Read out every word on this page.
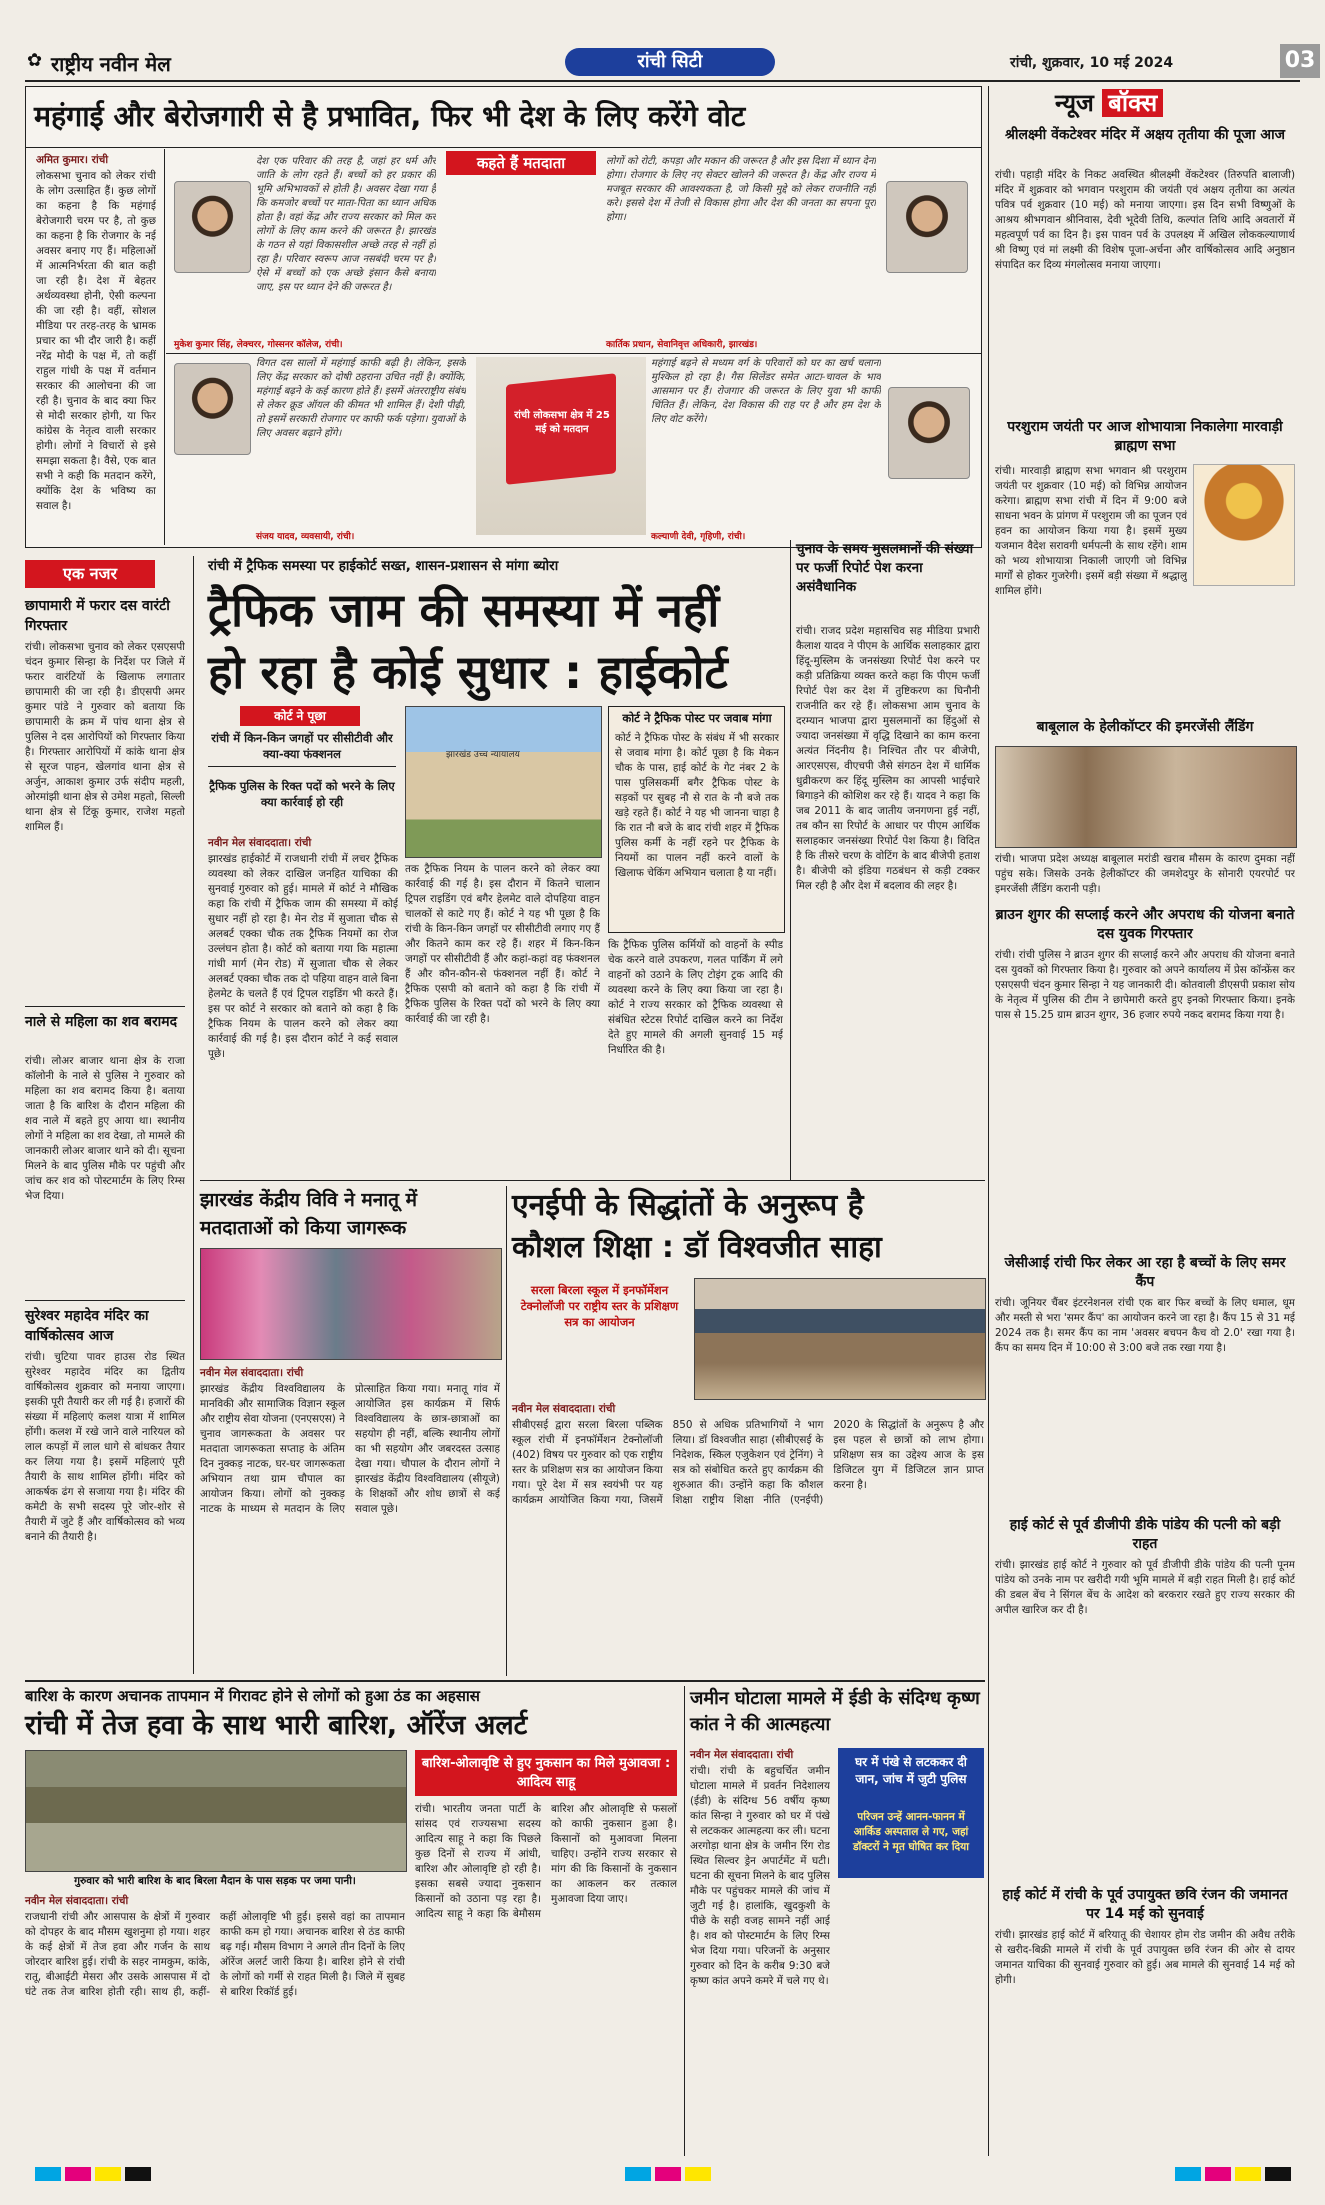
✿ राष्ट्रीय नवीन मेल	रांची सिटी	रांची, शुक्रवार, 10 मई 2024	03
महंगाई और बेरोजगारी से है प्रभावित, फिर भी देश के लिए करेंगे वोट
अमित कुमार। रांची
लोकसभा चुनाव को लेकर रांची के लोग उत्साहित हैं। कुछ लोगों का कहना है कि महंगाई बेरोजगारी चरम पर है, तो कुछ का कहना है कि रोजगार के नई अवसर बनाए गए हैं। महिलाओं में आत्मनिर्भरता की बात कही जा रही है। देश में बेहतर अर्थव्यवस्था होनी, ऐसी कल्पना की जा रही है। वहीं, सोशल मीडिया पर तरह-तरह के भ्रामक प्रचार का भी दौर जारी है। कहीं नरेंद्र मोदी के पक्ष में, तो कहीं राहुल गांधी के पक्ष में वर्तमान सरकार की आलोचना की जा रही है। चुनाव के बाद क्या फिर से मोदी सरकार होगी, या फिर कांग्रेस के नेतृत्व वाली सरकार होगी। लोगों ने विचारों से इसे समझा सकता है। वैसे, एक बात सभी ने कही कि मतदान करेंगे, क्योंकि देश के भविष्य का सवाल है।
कहते हैं मतदाता
देश एक परिवार की तरह है, जहां हर धर्म और जाति के लोग रहते हैं। बच्चों को हर प्रकार की भूमि अभिभावकों से होती है। अवसर देखा गया है कि कमजोर बच्चों पर माता-पिता का ध्यान अधिक होता है। वहां केंद्र और राज्य सरकार को मिल कर लोगों के लिए काम करने की जरूरत है। झारखंड के गठन से यहां विकासशील अच्छे तरह से नहीं हो रहा है। परिवार स्वरूप आज नसबंदी चरम पर है। ऐसे में बच्चों को एक अच्छे इंसान कैसे बनाया जाए, इस पर ध्यान देने की जरूरत है।
मुकेश कुमार सिंह, लेक्चरर, गोस्सनर कॉलेज, रांची।
लोगों को रोटी, कपड़ा और मकान की जरूरत है और इस दिशा में ध्यान देना होगा। रोजगार के लिए नए सेक्टर खोलने की जरूरत है। केंद्र और राज्य में मजबूत सरकार की आवश्यकता है, जो किसी मुद्दे को लेकर राजनीति नहीं करे। इससे देश में तेजी से विकास होगा और देश की जनता का सपना पूरा होगा।
कार्तिक प्रधान, सेवानिवृत्त अधिकारी, झारखंड।
विगत दस सालों में महंगाई काफी बढ़ी है। लेकिन, इसके लिए केंद्र सरकार को दोषी ठहराना उचित नहीं है। क्योंकि, महंगाई बढ़ने के कई कारण होते हैं। इसमें अंतरराष्ट्रीय संबंध से लेकर क्रूड ऑयल की कीमत भी शामिल हैं। देशी पीढ़ी, तो इसमें सरकारी रोजगार पर काफी फर्क पड़ेगा। युवाओं के लिए अवसर बढ़ाने होंगे।
संजय यादव, व्यवसायी, रांची।
रांची लोकसभा क्षेत्र में 25 मई को मतदान
महंगाई बढ़ने से मध्यम वर्ग के परिवारों को घर का खर्च चलाना मुश्किल हो रहा है। गैस सिलेंडर समेत आटा-चावल के भाव आसमान पर हैं। रोजगार की जरूरत के लिए युवा भी काफी चिंतित हैं। लेकिन, देश विकास की राह पर है और हम देश के लिए वोट करेंगे।
कल्याणी देवी, गृहिणी, रांची।
एक नजर
छापामारी में फरार दस वारंटी गिरफ्तार
रांची। लोकसभा चुनाव को लेकर एसएसपी चंदन कुमार सिन्हा के निर्देश पर जिले में फरार वारंटियों के खिलाफ लगातार छापामारी की जा रही है। डीएसपी अमर कुमार पांडे ने गुरुवार को बताया कि छापामारी के क्रम में पांच थाना क्षेत्र से पुलिस ने दस आरोपियों को गिरफ्तार किया है। गिरफ्तार आरोपियों में कांके थाना क्षेत्र से सूरज पाहन, खेलगांव थाना क्षेत्र से अर्जुन, आकाश कुमार उर्फ संदीप महली, ओरमांझी थाना क्षेत्र से उमेश महतो, सिल्ली थाना क्षेत्र से टिंकू कुमार, राजेश महतो शामिल हैं।
नाले से महिला का शव बरामद
रांची। लोअर बाजार थाना क्षेत्र के राजा कॉलोनी के नाले से पुलिस ने गुरुवार को महिला का शव बरामद किया है। बताया जाता है कि बारिश के दौरान महिला की शव नाले में बहते हुए आया था। स्थानीय लोगों ने महिला का शव देखा, तो मामले की जानकारी लोअर बाजार थाने को दी। सूचना मिलने के बाद पुलिस मौके पर पहुंची और जांच कर शव को पोस्टमार्टम के लिए रिम्स भेज दिया।
सुरेश्वर महादेव मंदिर का वार्षिकोत्सव आज
रांची। चुटिया पावर हाउस रोड स्थित सुरेश्वर महादेव मंदिर का द्वितीय वार्षिकोत्सव शुक्रवार को मनाया जाएगा। इसकी पूरी तैयारी कर ली गई है। हजारों की संख्या में महिलाएं कलश यात्रा में शामिल होंगी। कलश में रखे जाने वाले नारियल को लाल कपड़ों में लाल धागे से बांधकर तैयार कर लिया गया है। इसमें महिलाएं पूरी तैयारी के साथ शामिल होंगी। मंदिर को आकर्षक ढंग से सजाया गया है। मंदिर की कमेटी के सभी सदस्य पूरे जोर-शोर से तैयारी में जुटे हैं और वार्षिकोत्सव को भव्य बनाने की तैयारी है।
रांची में ट्रैफिक समस्या पर हाईकोर्ट सख्त, शासन-प्रशासन से मांगा ब्योरा
ट्रैफिक जाम की समस्या में नहीं
हो रहा है कोई सुधार : हाईकोर्ट
कोर्ट ने पूछा
रांची में किन-किन जगहों पर सीसीटीवी और क्या-क्या फंक्शनल
ट्रैफिक पुलिस के रिक्त पदों को भरने के लिए क्या कार्रवाई हो रही
झारखंड उच्च न्यायालय
नवीन मेल संवाददाता। रांची
झारखंड हाईकोर्ट में राजधानी रांची में लचर ट्रैफिक व्यवस्था को लेकर दाखिल जनहित याचिका की सुनवाई गुरुवार को हुई। मामले में कोर्ट ने मौखिक कहा कि रांची में ट्रैफिक जाम की समस्या में कोई सुधार नहीं हो रहा है। मेन रोड में सुजाता चौक से अलबर्ट एक्का चौक तक ट्रैफिक नियमों का रोज उल्लंघन होता है। कोर्ट को बताया गया कि महात्मा गांधी मार्ग (मेन रोड) में सुजाता चौक से लेकर अलबर्ट एक्का चौक तक दो पहिया वाहन वाले बिना हेलमेट के चलते हैं एवं ट्रिपल राइडिंग भी करते हैं। इस पर कोर्ट ने सरकार को बताने को कहा है कि ट्रैफिक नियम के पालन करने को लेकर क्या कार्रवाई की गई है। इस दौरान कोर्ट ने कई सवाल पूछे।
तक ट्रैफिक नियम के पालन करने को लेकर क्या कार्रवाई की गई है। इस दौरान में कितने चालान ट्रिपल राइडिंग एवं बगैर हेलमेट वाले दोपहिया वाहन चालकों से काटे गए हैं। कोर्ट ने यह भी पूछा है कि रांची के किन-किन जगहों पर सीसीटीवी लगाए गए हैं और कितने काम कर रहे हैं। शहर में किन-किन जगहों पर सीसीटीवी हैं और कहां-कहां वह फंक्शनल हैं और कौन-कौन-से फंक्शनल नहीं हैं। कोर्ट ने ट्रैफिक एसपी को बताने को कहा है कि रांची में ट्रैफिक पुलिस के रिक्त पदों को भरने के लिए क्या कार्रवाई की जा रही है।
कोर्ट ने ट्रैफिक पोस्ट पर जवाब मांगा
कोर्ट ने ट्रैफिक पोस्ट के संबंध में भी सरकार से जवाब मांगा है। कोर्ट पूछा है कि मेकन चौक के पास, हाई कोर्ट के गेट नंबर 2 के पास पुलिसकर्मी बगैर ट्रैफिक पोस्ट के सड़कों पर सुबह नौ से रात के नौ बजे तक खड़े रहते हैं। कोर्ट ने यह भी जानना चाहा है कि रात नौ बजे के बाद रांची शहर में ट्रैफिक पुलिस कर्मी के नहीं रहने पर ट्रैफिक के नियमों का पालन नहीं करने वालों के खिलाफ चेकिंग अभियान चलाता है या नहीं।
कि ट्रैफिक पुलिस कर्मियों को वाहनों के स्पीड चेक करने वाले उपकरण, गलत पार्किंग में लगे वाहनों को उठाने के लिए टोइंग ट्रक आदि की व्यवस्था करने के लिए क्या किया जा रहा है। कोर्ट ने राज्य सरकार को ट्रैफिक व्यवस्था से संबंधित स्टेटस रिपोर्ट दाखिल करने का निर्देश देते हुए मामले की अगली सुनवाई 15 मई निर्धारित की है।
चुनाव के समय मुसलमानों की संख्या पर फर्जी रिपोर्ट पेश करना असंवैधानिक
रांची। राजद प्रदेश महासचिव सह मीडिया प्रभारी कैलाश यादव ने पीएम के आर्थिक सलाहकार द्वारा हिंदू-मुस्लिम के जनसंख्या रिपोर्ट पेश करने पर कड़ी प्रतिक्रिया व्यक्त करते कहा कि पीएम फर्जी रिपोर्ट पेश कर देश में तुष्टिकरण का घिनौनी राजनीति कर रहे हैं। लोकसभा आम चुनाव के दरम्यान भाजपा द्वारा मुसलमानों का हिंदुओं से ज्यादा जनसंख्या में वृद्धि दिखाने का काम करना अत्यंत निंदनीय है। निश्चित तौर पर बीजेपी, आरएसएस, वीएचपी जैसे संगठन देश में धार्मिक धुव्रीकरण कर हिंदू मुस्लिम का आपसी भाईचारे बिगाड़ने की कोशिश कर रहे हैं। यादव ने कहा कि जब 2011 के बाद जातीय जनगणना हुई नहीं, तब कौन सा रिपोर्ट के आधार पर पीएम आर्थिक सलाहकार जनसंख्या रिपोर्ट पेश किया है। विदित है कि तीसरे चरण के वोटिंग के बाद बीजेपी हताश है। बीजेपी को इंडिया गठबंधन से कड़ी टक्कर मिल रही है और देश में बदलाव की लहर है।
न्यूज बॉक्स
श्रीलक्ष्मी वेंकटेश्वर मंदिर में अक्षय तृतीया की पूजा आज
रांची। पहाड़ी मंदिर के निकट अवस्थित श्रीलक्ष्मी वेंकटेश्वर (तिरुपति बालाजी) मंदिर में शुक्रवार को भगवान परशुराम की जयंती एवं अक्षय तृतीया का अत्यंत पवित्र पर्व शुक्रवार (10 मई) को मनाया जाएगा। इस दिन सभी विष्णुओं के आश्रय श्रीभगवान श्रीनिवास, देवी भूदेवी तिथि, कल्पांत तिथि आदि अवतारों में महत्वपूर्ण पर्व का दिन है। इस पावन पर्व के उपलक्ष्य में अखिल लोककल्याणार्थ श्री विष्णु एवं मां लक्ष्मी की विशेष पूजा-अर्चना और वार्षिकोत्सव आदि अनुष्ठान संपादित कर दिव्य मंगलोत्सव मनाया जाएगा।
परशुराम जयंती पर आज शोभायात्रा निकालेगा मारवाड़ी ब्राह्मण सभा
रांची। मारवाड़ी ब्राह्मण सभा भगवान श्री परशुराम जयंती पर शुक्रवार (10 मई) को विभिन्न आयोजन करेगा। ब्राह्मण सभा रांची में दिन में 9:00 बजे साधना भवन के प्रांगण में परशुराम जी का पूजन एवं हवन का आयोजन किया गया है। इसमें मुख्य यजमान वैदेश सरावगी धर्मपत्नी के साथ रहेंगे। शाम को भव्य शोभायात्रा निकाली जाएगी जो विभिन्न मार्गों से होकर गुजरेगी। इसमें बड़ी संख्या में श्रद्धालु शामिल होंगे।
बाबूलाल के हेलीकॉप्टर की इमरजेंसी लैंडिंग
रांची। भाजपा प्रदेश अध्यक्ष बाबूलाल मरांडी खराब मौसम के कारण दुमका नहीं पहुंच सके। जिसके उनके हेलीकॉप्टर की जमशेदपुर के सोनारी एयरपोर्ट पर इमरजेंसी लैंडिंग करानी पड़ी।
ब्राउन शुगर की सप्लाई करने और अपराध की योजना बनाते दस युवक गिरफ्तार
रांची। रांची पुलिस ने ब्राउन शुगर की सप्लाई करने और अपराध की योजना बनाते दस युवकों को गिरफ्तार किया है। गुरुवार को अपने कार्यालय में प्रेस कॉन्फ्रेंस कर एसएसपी चंदन कुमार सिन्हा ने यह जानकारी दी। कोतवाली डीएसपी प्रकाश सोय के नेतृत्व में पुलिस की टीम ने छापेमारी करते हुए इनको गिरफ्तार किया। इनके पास से 15.25 ग्राम ब्राउन शुगर, 36 हजार रुपये नकद बरामद किया गया है।
जेसीआई रांची फिर लेकर आ रहा है बच्चों के लिए समर कैंप
रांची। जूनियर चैंबर इंटरनेशनल रांची एक बार फिर बच्चों के लिए धमाल, धूम और मस्ती से भरा 'समर कैंप' का आयोजन करने जा रहा है। कैंप 15 से 31 मई 2024 तक है। समर कैंप का नाम 'अवसर बचपन कैच वो 2.0' रखा गया है। कैंप का समय दिन में 10:00 से 3:00 बजे तक रखा गया है।
हाई कोर्ट से पूर्व डीजीपी डीके पांडेय की पत्नी को बड़ी राहत
रांची। झारखंड हाई कोर्ट ने गुरुवार को पूर्व डीजीपी डीके पांडेय की पत्नी पूनम पांडेय को उनके नाम पर खरीदी गयी भूमि मामले में बड़ी राहत मिली है। हाई कोर्ट की डबल बेंच ने सिंगल बेंच के आदेश को बरकरार रखते हुए राज्य सरकार की अपील खारिज कर दी है।
हाई कोर्ट में रांची के पूर्व उपायुक्त छवि रंजन की जमानत पर 14 मई को सुनवाई
रांची। झारखंड हाई कोर्ट में बरियातू की चेशायर होम रोड जमीन की अवैध तरीके से खरीद-बिक्री मामले में रांची के पूर्व उपायुक्त छवि रंजन की ओर से दायर जमानत याचिका की सुनवाई गुरुवार को हुई। अब मामले की सुनवाई 14 मई को होगी।
झारखंड केंद्रीय विवि ने मनातू में
मतदाताओं को किया जागरूक
नवीन मेल संवाददाता। रांची
झारखंड केंद्रीय विश्वविद्यालय के मानविकी और सामाजिक विज्ञान स्कूल और राष्ट्रीय सेवा योजना (एनएसएस) ने चुनाव जागरूकता के अवसर पर मतदाता जागरूकता सप्ताह के अंतिम दिन नुक्कड़ नाटक, घर-घर जागरूकता अभियान तथा ग्राम चौपाल का आयोजन किया। लोगों को नुक्कड़ नाटक के माध्यम से मतदान के लिए प्रोत्साहित किया गया। मनातू गांव में आयोजित इस कार्यक्रम में सिर्फ विश्वविद्यालय के छात्र-छात्राओं का सहयोग ही नहीं, बल्कि स्थानीय लोगों का भी सहयोग और जबरदस्त उत्साह देखा गया। चौपाल के दौरान लोगों ने झारखंड केंद्रीय विश्वविद्यालय (सीयूजे) के शिक्षकों और शोध छात्रों से कई सवाल पूछे।
एनईपी के सिद्धांतों के अनुरूप है
कौशल शिक्षा : डॉ विश्वजीत साहा
सरला बिरला स्कूल में इनफॉर्मेशन टेक्नोलॉजी पर राष्ट्रीय स्तर के प्रशिक्षण सत्र का आयोजन
नवीन मेल संवाददाता। रांची
सीबीएसई द्वारा सरला बिरला पब्लिक स्कूल रांची में इनफॉर्मेशन टेक्नोलॉजी (402) विषय पर गुरुवार को एक राष्ट्रीय स्तर के प्रशिक्षण सत्र का आयोजन किया गया। पूरे देश में सत्र स्वयंभी पर यह कार्यक्रम आयोजित किया गया, जिसमें 850 से अधिक प्रतिभागियों ने भाग लिया। डॉ विश्वजीत साहा (सीबीएसई के निदेशक, स्किल एजुकेशन एवं ट्रेनिंग) ने सत्र को संबोधित करते हुए कार्यक्रम की शुरुआत की। उन्होंने कहा कि कौशल शिक्षा राष्ट्रीय शिक्षा नीति (एनईपी) 2020 के सिद्धांतों के अनुरूप है और इस पहल से छात्रों को लाभ होगा। प्रशिक्षण सत्र का उद्देश्य आज के इस डिजिटल युग में डिजिटल ज्ञान प्राप्त करना है।
बारिश के कारण अचानक तापमान में गिरावट होने से लोगों को हुआ ठंड का अहसास
रांची में तेज हवा के साथ भारी बारिश, ऑरेंज अलर्ट
गुरुवार को भारी बारिश के बाद बिरला मैदान के पास सड़क पर जमा पानी।
नवीन मेल संवाददाता। रांची
राजधानी रांची और आसपास के क्षेत्रों में गुरुवार को दोपहर के बाद मौसम खुशनुमा हो गया। शहर के कई क्षेत्रों में तेज हवा और गर्जन के साथ जोरदार बारिश हुई। रांची के सहर नामकुम, कांके, रातू, बीआईटी मेसरा और उसके आसपास में दो घंटे तक तेज बारिश होती रही। साथ ही, कहीं-कहीं ओलावृष्टि भी हुई। इससे वहां का तापमान काफी कम हो गया। अचानक बारिश से ठंड काफी बढ़ गई। मौसम विभाग ने अगले तीन दिनों के लिए ऑरेंज अलर्ट जारी किया है। बारिश होने से रांची के लोगों को गर्मी से राहत मिली है। जिले में सुबह से बारिश रिकॉर्ड हुई।
बारिश-ओलावृष्टि से हुए नुकसान का मिले मुआवजा : आदित्य साहू
रांची। भारतीय जनता पार्टी के सांसद एवं राज्यसभा सदस्य आदित्य साहू ने कहा कि पिछले कुछ दिनों से राज्य में आंधी, बारिश और ओलावृष्टि हो रही है। इसका सबसे ज्यादा नुकसान किसानों को उठाना पड़ रहा है। आदित्य साहू ने कहा कि बेमौसम बारिश और ओलावृष्टि से फसलों को काफी नुकसान हुआ है। किसानों को मुआवजा मिलना चाहिए। उन्होंने राज्य सरकार से मांग की कि किसानों के नुकसान का आकलन कर तत्काल मुआवजा दिया जाए।
जमीन घोटाला मामले में ईडी के संदिग्ध कृष्ण कांत ने की आत्महत्या
नवीन मेल संवाददाता। रांची
रांची। रांची के बहुचर्चित जमीन घोटाला मामले में प्रवर्तन निदेशालय (ईडी) के संदिग्ध 56 वर्षीय कृष्ण कांत सिन्हा ने गुरुवार को घर में पंखे से लटककर आत्महत्या कर ली। घटना अरगोड़ा थाना क्षेत्र के जमीन रिंग रोड स्थित सिल्वर ड्रेन अपार्टमेंट में घटी। घटना की सूचना मिलने के बाद पुलिस मौके पर पहुंचकर मामले की जांच में जुटी गई है। हालांकि, खुदकुशी के पीछे के सही वजह सामने नहीं आई है। शव को पोस्टमार्टम के लिए रिम्स भेज दिया गया। परिजनों के अनुसार गुरुवार को दिन के करीब 9:30 बजे कृष्ण कांत अपने कमरे में चले गए थे।
घर में पंखे से लटककर दी जान, जांच में जुटी पुलिस
परिजन उन्हें आनन-फानन में आर्किड अस्पताल ले गए, जहां डॉक्टरों ने मृत घोषित कर दिया
